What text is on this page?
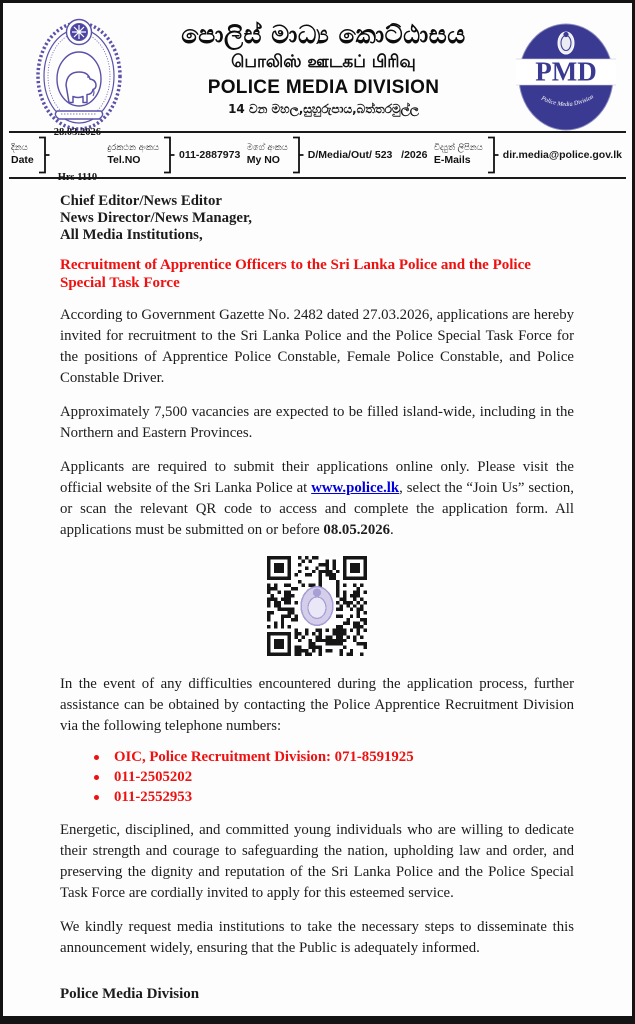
පොලිස් මාධ්‍ය කොට්ඨාසය
பொலிஸ் ஊடகப் பிரிவு
POLICE MEDIA DIVISION
14 වන මහල,සුහුරුපාය,බත්තරමුල්ල
PMD
Police Media Division
දිනය
Date

28.03.2026

Hrs 1110

දුරකථන අංකය
Tel.NO	011-2887973
මගේ අංකය
My NO	D/Media/Out/ 523   /2026
විද්‍යුත් ලිපිනය
E-Mails	dir.media@police.gov.lk
Chief Editor/News Editor
News Director/News Manager,
All Media Institutions,
Recruitment of Apprentice Officers to the Sri Lanka Police and the Police Special Task Force

According to Government Gazette No. 2482 dated 27.03.2026, applications are hereby invited for recruitment to the Sri Lanka Police and the Police Special Task Force for the positions of Apprentice Police Constable, Female Police Constable, and Police Constable Driver.

Approximately 7,500 vacancies are expected to be filled island-wide, including in the Northern and Eastern Provinces.

Applicants are required to submit their applications online only. Please visit the official website of the Sri Lanka Police at www.police.lk, select the “Join Us” section, or scan the relevant QR code to access and complete the application form. All applications must be submitted on or before 08.05.2026.

In the event of any difficulties encountered during the application process, further assistance can be obtained by contacting the Police Apprentice Recruitment Division via the following telephone numbers:

OIC, Police Recruitment Division: 071-8591925
011-2505202
011-2552953

Energetic, disciplined, and committed young individuals who are willing to dedicate their strength and courage to safeguarding the nation, upholding law and order, and preserving the dignity and reputation of the Sri Lanka Police and the Police Special Task Force are cordially invited to apply for this esteemed service.

We kindly request media institutions to take the necessary steps to disseminate this announcement widely, ensuring that the Public is adequately informed.

Police Media Division
